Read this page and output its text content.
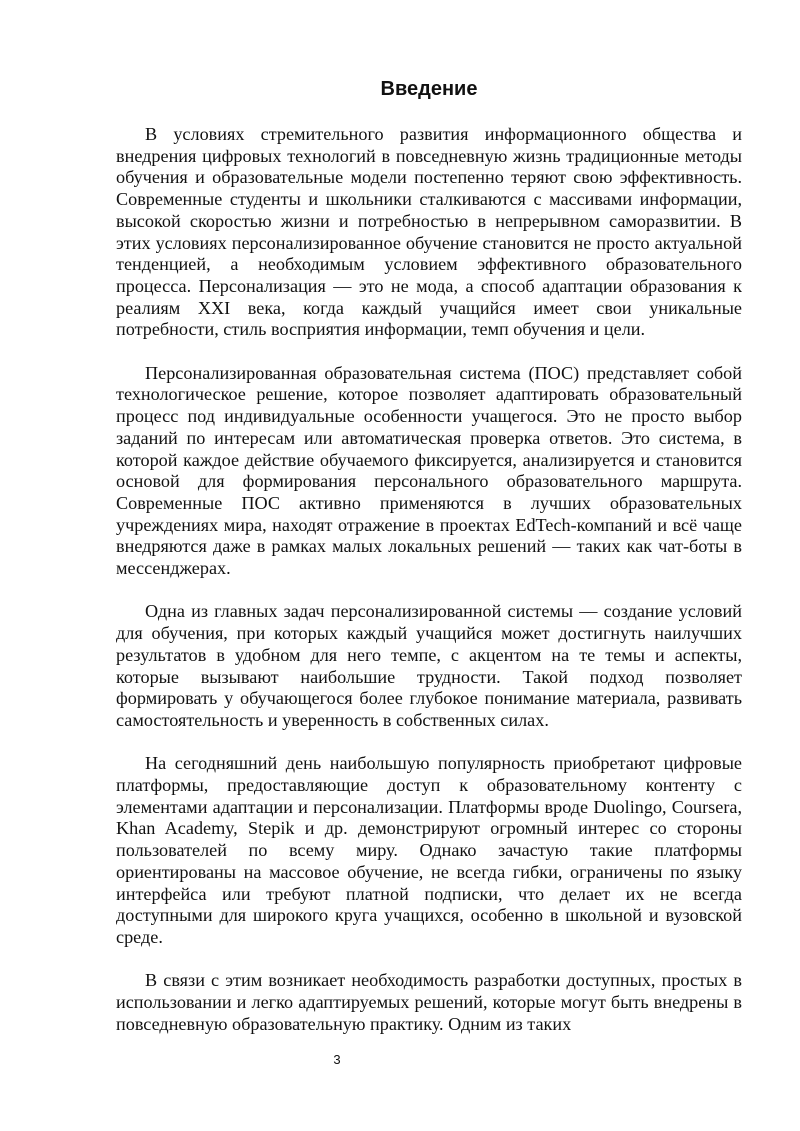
Введение

В условиях стремительного развития информационного общества и внедрения цифровых технологий в повседневную жизнь традиционные методы обучения и образовательные модели постепенно теряют свою эффективность. Современные студенты и школьники сталкиваются с массивами информации, высокой скоростью жизни и потребностью в непрерывном саморазвитии. В этих условиях персонализированное обучение становится не просто актуальной тенденцией, а необходимым условием эффективного образовательного процесса. Персонализация — это не мода, а способ адаптации образования к реалиям XXI века, когда каждый учащийся имеет свои уникальные потребности, стиль восприятия информации, темп обучения и цели.

Персонализированная образовательная система (ПОС) представляет собой технологическое решение, которое позволяет адаптировать образовательный процесс под индивидуальные особенности учащегося. Это не просто выбор заданий по интересам или автоматическая проверка ответов. Это система, в которой каждое действие обучаемого фиксируется, анализируется и становится основой для формирования персонального образовательного маршрута. Современные ПОС активно применяются в лучших образовательных учреждениях мира, находят отражение в проектах EdTech-компаний и всё чаще внедряются даже в рамках малых локальных решений — таких как чат-боты в мессенджерах.

Одна из главных задач персонализированной системы — создание условий для обучения, при которых каждый учащийся может достигнуть наилучших результатов в удобном для него темпе, с акцентом на те темы и аспекты, которые вызывают наибольшие трудности. Такой подход позволяет формировать у обучающегося более глубокое понимание материала, развивать самостоятельность и уверенность в собственных силах.

На сегодняшний день наибольшую популярность приобретают цифровые платформы, предоставляющие доступ к образовательному контенту с элементами адаптации и персонализации. Платформы вроде Duolingo, Coursera, Khan Academy, Stepik и др. демонстрируют огромный интерес со стороны пользователей по всему миру. Однако зачастую такие платформы ориентированы на массовое обучение, не всегда гибки, ограничены по языку интерфейса или требуют платной подписки, что делает их не всегда доступными для широкого круга учащихся, особенно в школьной и вузовской среде.

В связи с этим возникает необходимость разработки доступных, простых в использовании и легко адаптируемых решений, которые могут быть внедрены в повседневную образовательную практику. Одним из таких

3
